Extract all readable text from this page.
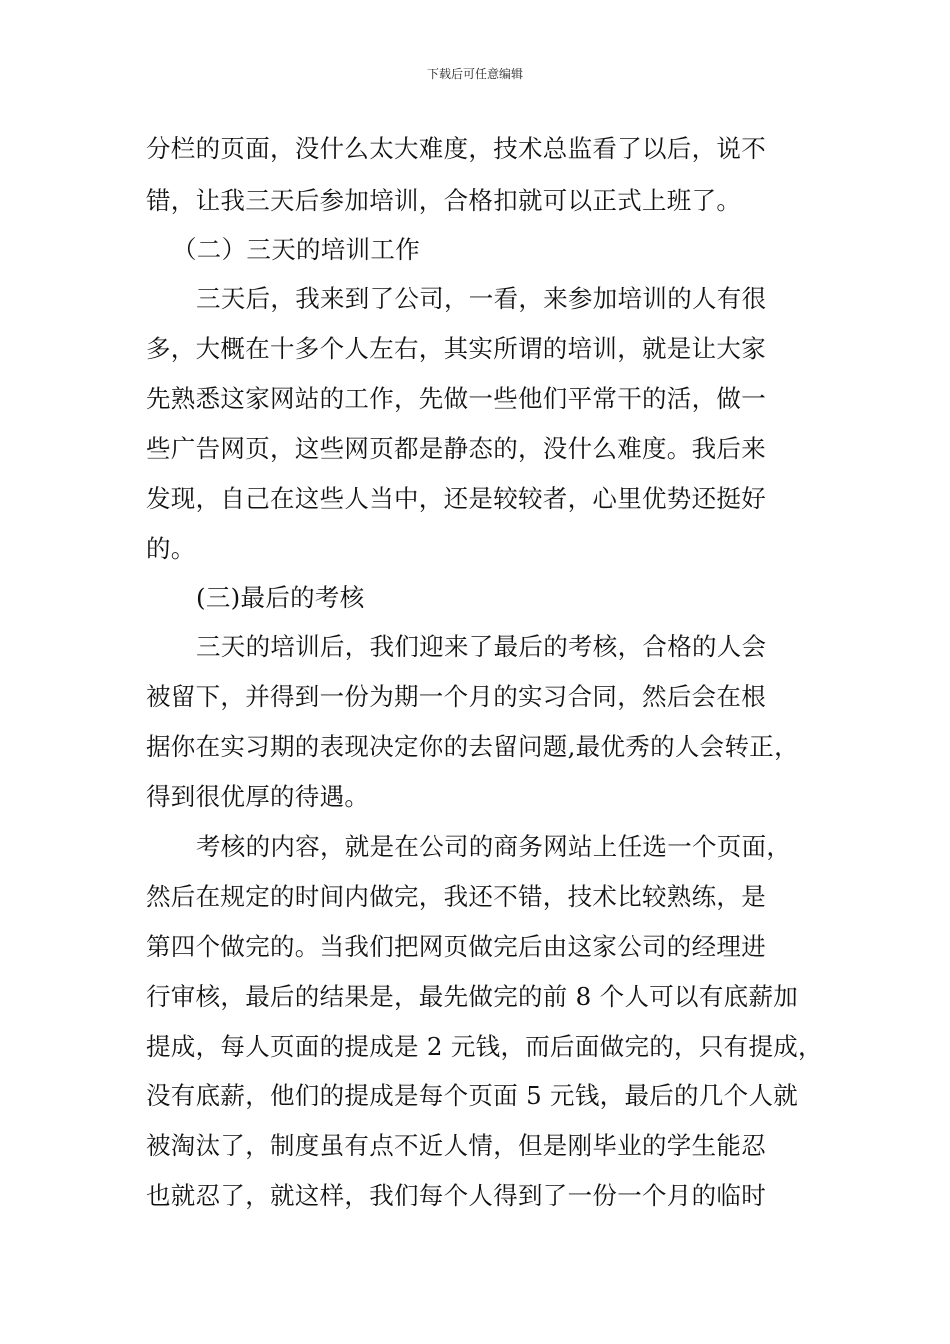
下载后可任意编辑
分栏的页面，没什么太大难度，技术总监看了以后，说不
错，让我三天后参加培训，合格扣就可以正式上班了。
（二）三天的培训工作
三天后，我来到了公司，一看，来参加培训的人有很
多，大概在十多个人左右，其实所谓的培训，就是让大家
先熟悉这家网站的工作，先做一些他们平常干的活，做一
些广告网页，这些网页都是静态的，没什么难度。我后来
发现，自己在这些人当中，还是较较者，心里优势还挺好
的。
(三)最后的考核
三天的培训后，我们迎来了最后的考核，合格的人会
被留下，并得到一份为期一个月的实习合同，然后会在根
据你在实习期的表现决定你的去留问题,最优秀的人会转正，
得到很优厚的待遇。
考核的内容，就是在公司的商务网站上任选一个页面，
然后在规定的时间内做完，我还不错，技术比较熟练，是
第四个做完的。当我们把网页做完后由这家公司的经理进
行审核，最后的结果是，最先做完的前 8 个人可以有底薪加
提成，每人页面的提成是 2 元钱，而后面做完的，只有提成，
没有底薪，他们的提成是每个页面 5 元钱，最后的几个人就
被淘汰了，制度虽有点不近人情，但是刚毕业的学生能忍
也就忍了，就这样，我们每个人得到了一份一个月的临时
